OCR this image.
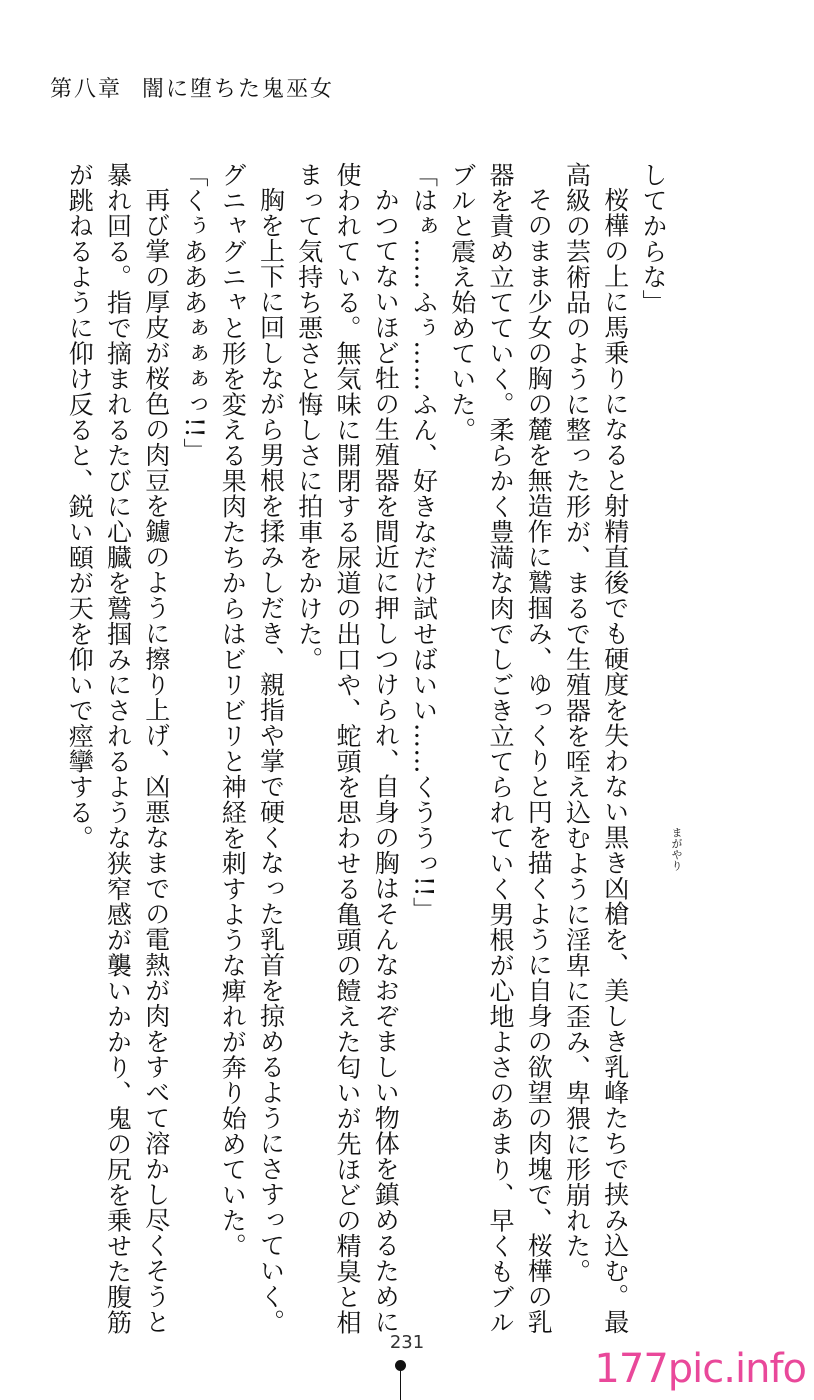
第八章 闇に堕ちた鬼巫女

してからな」

桜樺の上に馬乗りになると射精直後でも硬度を失わない黒き凶槍を、美しき乳峰たちで挟み込む。最高級の芸術品のように整った形が、まるで生殖器を咥え込むように淫卑に歪み、卑猥に形崩れた。

そのまま少女の胸の麓を無造作に鷲掴み、ゆっくりと円を描くように自身の欲望の肉塊で、桜樺の乳器を責め立てていく。柔らかく豊満な肉でしごき立てられていく男根が心地よさのあまり、早くもブルブルと震え始めていた。

「はぁ……ふぅ……ふん、好きなだけ試せばいい……くううっ!!」

かつてないほど牡の生殖器を間近に押しつけられ、自身の胸はそんなおぞましい物体を鎮めるために使われている。無気味に開閉する尿道の出口や、蛇頭を思わせる亀頭の饐えた匂いが先ほどの精臭と相まって気持ち悪さと悔しさに拍車をかけた。

胸を上下に回しながら男根を揉みしだき、親指や掌で硬くなった乳首を掠めるようにさすっていく。グニャグニャと形を変える果肉たちからはビリビリと神経を刺すような痺れが奔り始めていた。

「くぅあああぁぁぁっ!!」

再び掌の厚皮が桜色の肉豆を鑢のように擦り上げ、凶悪なまでの電熱が肉をすべて溶かし尽くそうと暴れ回る。指で摘まれるたびに心臓を鷲掴みにされるような狭窄感が襲いかかり、鬼の尻を乗せた腹筋が跳ねるように仰け反ると、鋭い頤が天を仰いで痙攣する。	まがやり
231
177pic.info
